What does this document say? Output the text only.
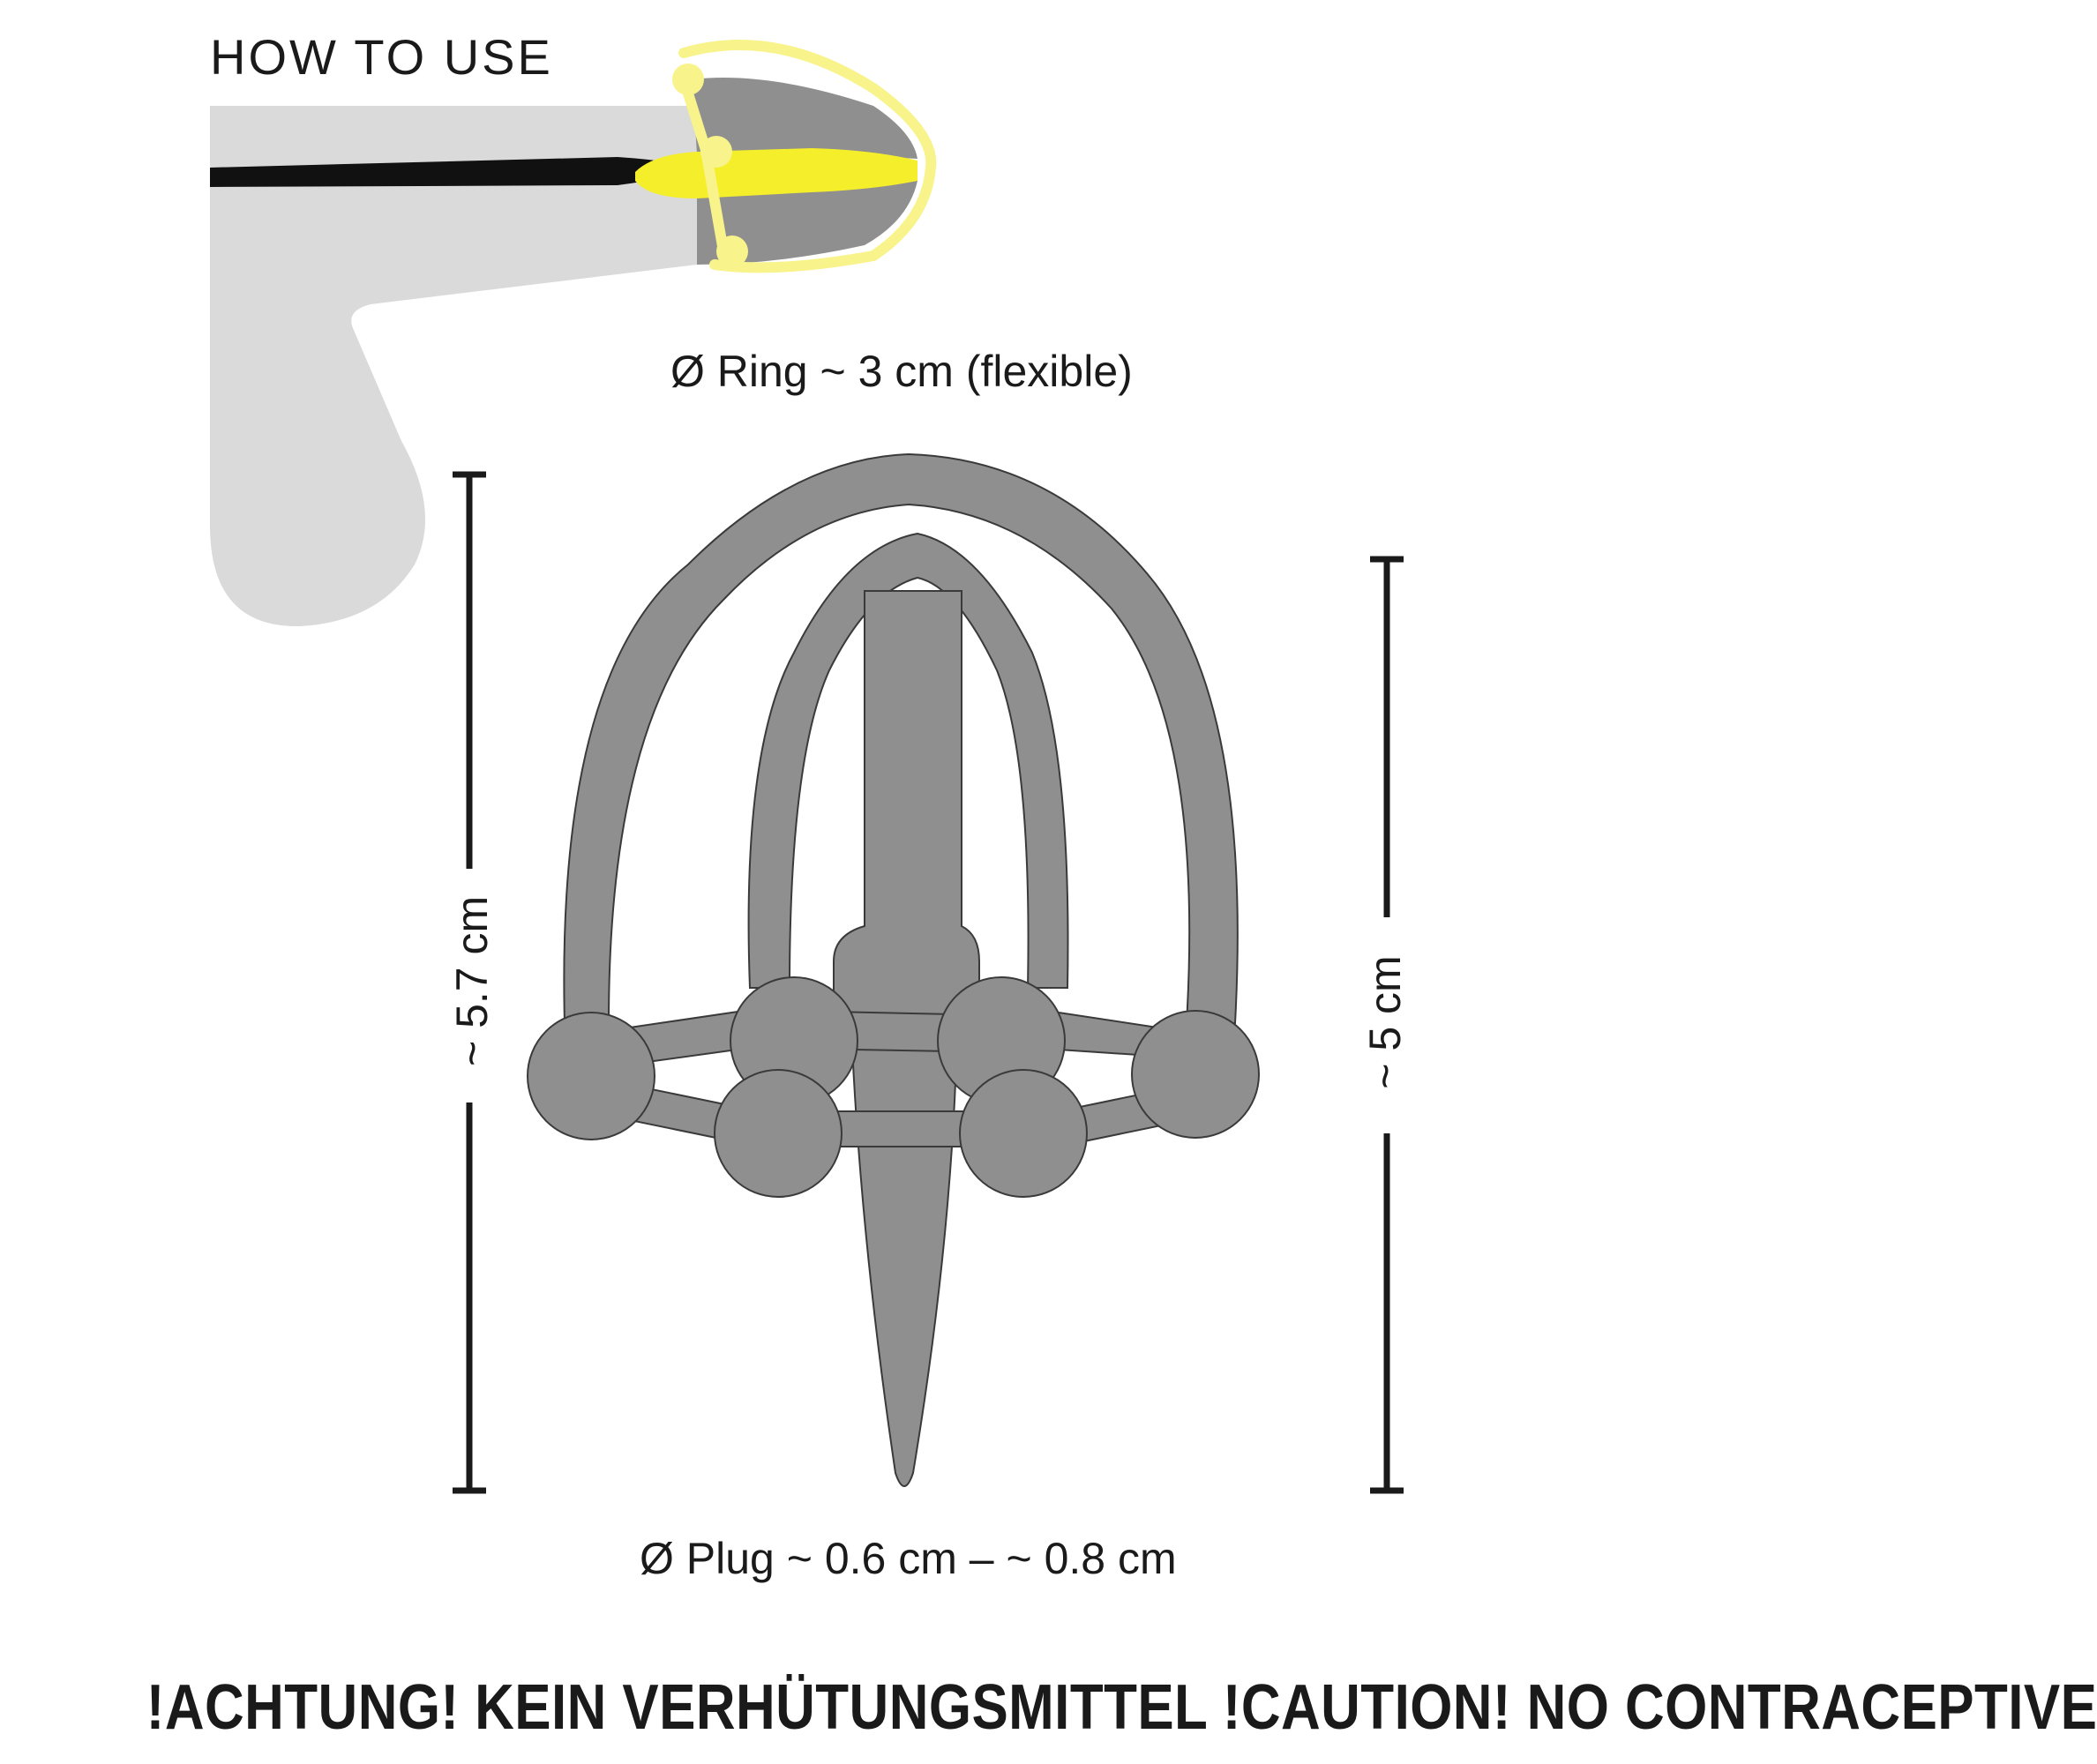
HOW TO USE
Ø Ring ~ 3 cm (flexible)
~ 5.7 cm	~ 5 cm
Ø Plug ~ 0.6 cm – ~ 0.8 cm
!ACHTUNG! KEIN VERHÜTUNGSMITTEL !CAUTION! NO CONTRACEPTIVE
